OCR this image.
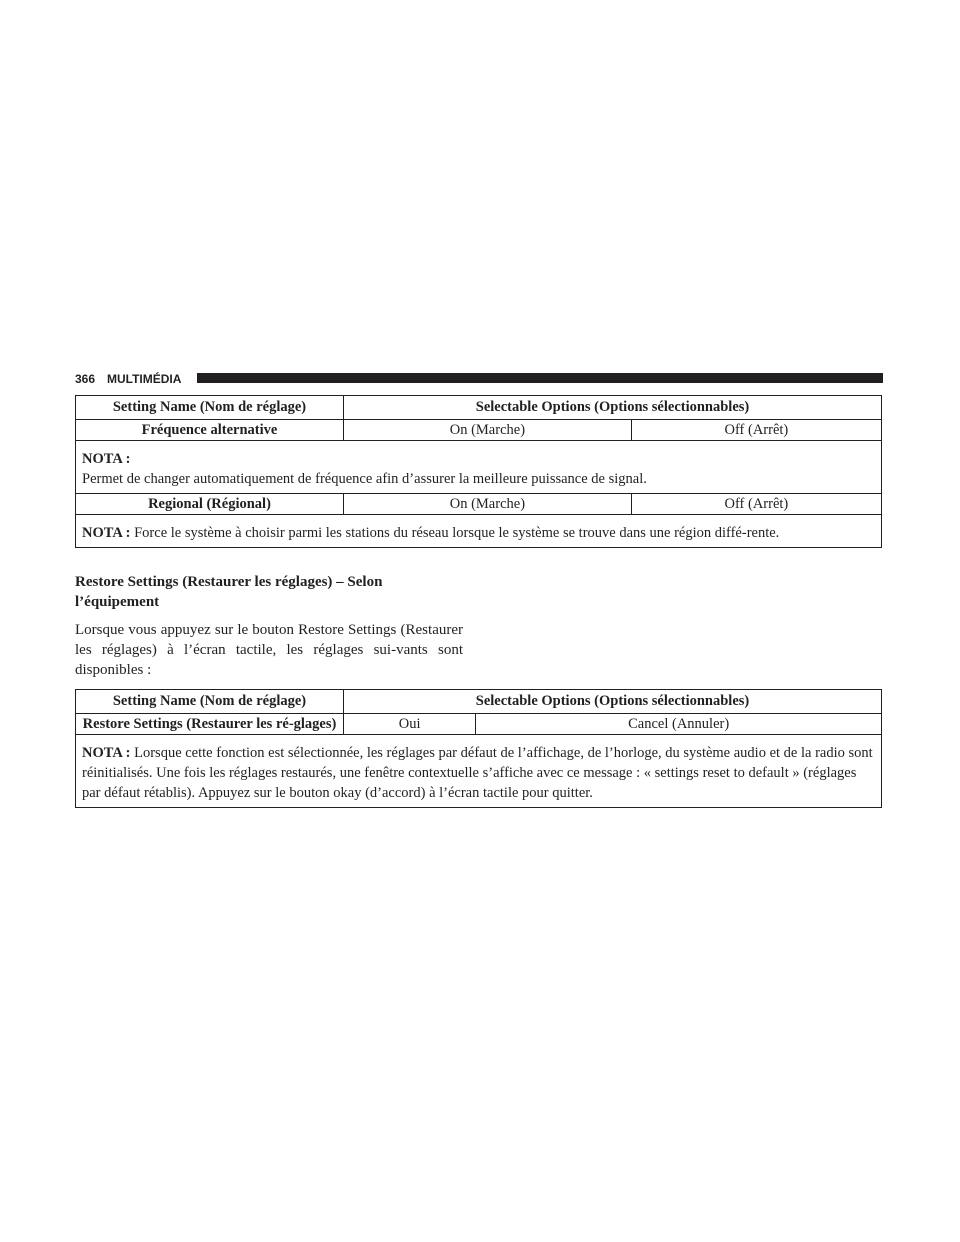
366 MULTIMÉDIA
Setting Name (Nom de réglage)	Selectable Options (Options sélectionnables)	
Fréquence alternative	On (Marche)	Off (Arrêt)
NOTA :
Permet de changer automatiquement de fréquence afin d’assurer la meilleure puissance de signal.		
Regional (Régional)	On (Marche)	Off (Arrêt)
NOTA : Force le système à choisir parmi les stations du réseau lorsque le système se trouve dans une région diffé-rente.		
Restore Settings (Restaurer les réglages) – Selon l’équipement
Lorsque vous appuyez sur le bouton Restore Settings (Restaurer les réglages) à l’écran tactile, les réglages sui-vants sont disponibles :
Setting Name (Nom de réglage)	Selectable Options (Options sélectionnables)	
Restore Settings (Restaurer les ré-glages)	Oui	Cancel (Annuler)
NOTA : Lorsque cette fonction est sélectionnée, les réglages par défaut de l’affichage, de l’horloge, du système audio et de la radio sont réinitialisés. Une fois les réglages restaurés, une fenêtre contextuelle s’affiche avec ce message : « settings reset to default » (réglages par défaut rétablis). Appuyez sur le bouton okay (d’accord) à l’écran tactile pour quitter.		
